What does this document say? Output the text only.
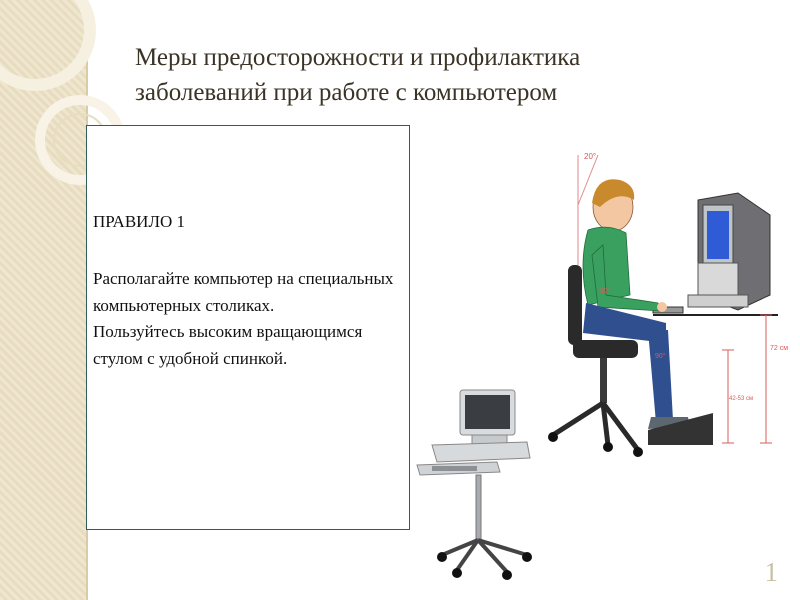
Меры предосторожности и профилактика
заболеваний при работе с компьютером
ПРАВИЛО 1

Располагайте компьютер на специальных компьютерных столиках.

Пользуйтесь высоким вращающимся стулом с удобной спинкой.

20°
90°
90°
72 см
42-53 см
1
